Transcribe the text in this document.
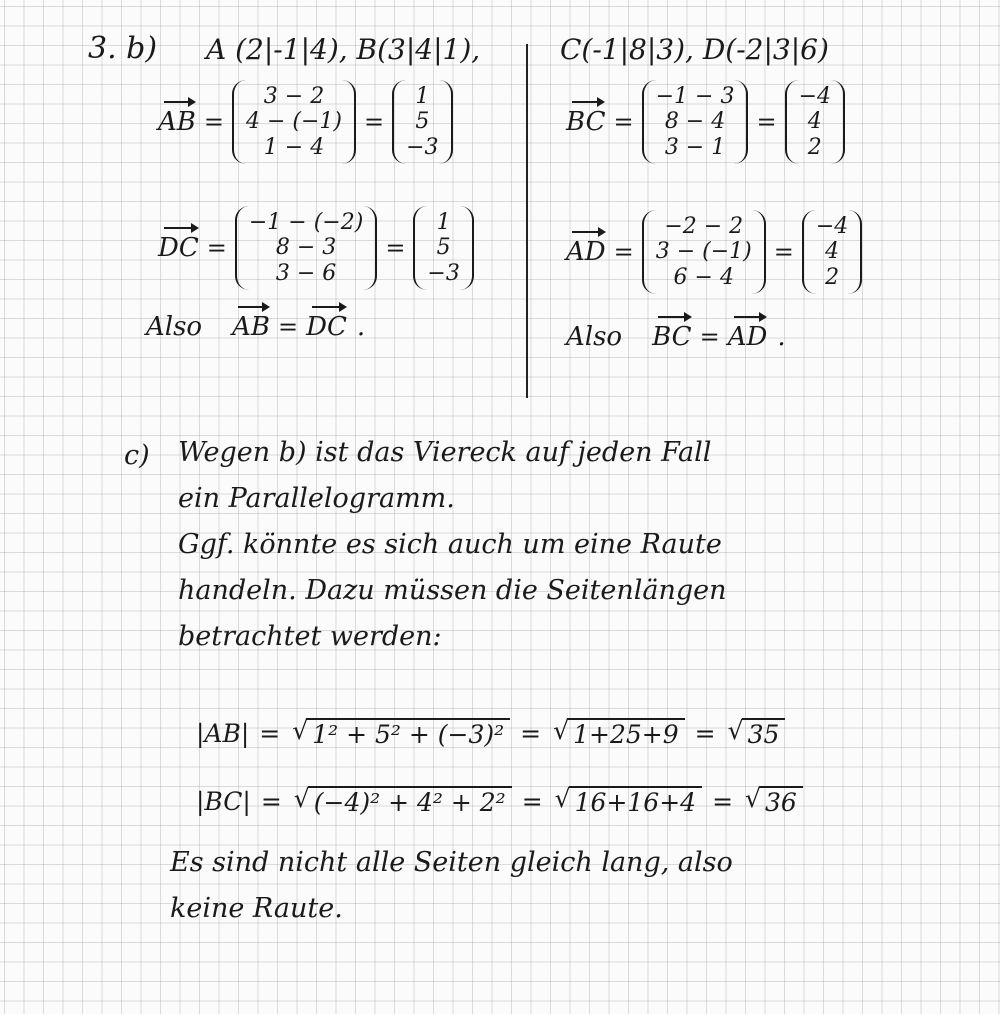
3. b) A (2|-1|4), B(3|4|1),	C(-1|8|3), D(-2|3|6)
AB =
3 − 2
4 − (−1)
1 − 4
=
1
5
−3
BC =
−1 − 3
8 − 4
3 − 1
=
−4
4
2
DC =
−1 − (−2)
8 − 3
3 − 6
=
1
5
−3
AD =
−2 − 2
3 − (−1)
6 − 4
=
−4
4
2
Also AB = DC .	Also BC = AD .
c) Wegen b) ist das Viereck auf jeden Fall
ein Parallelogramm.
Ggf. könnte es sich auch um eine Raute
handeln. Dazu müssen die Seitenlängen
betrachtet werden:
|AB| = √ 1² + 5² + (−3)² = √ 1+25+9 = √ 35
|BC| = √ (−4)² + 4² + 2² = √ 16+16+4 = √ 36
Es sind nicht alle Seiten gleich lang, also
keine Raute.
